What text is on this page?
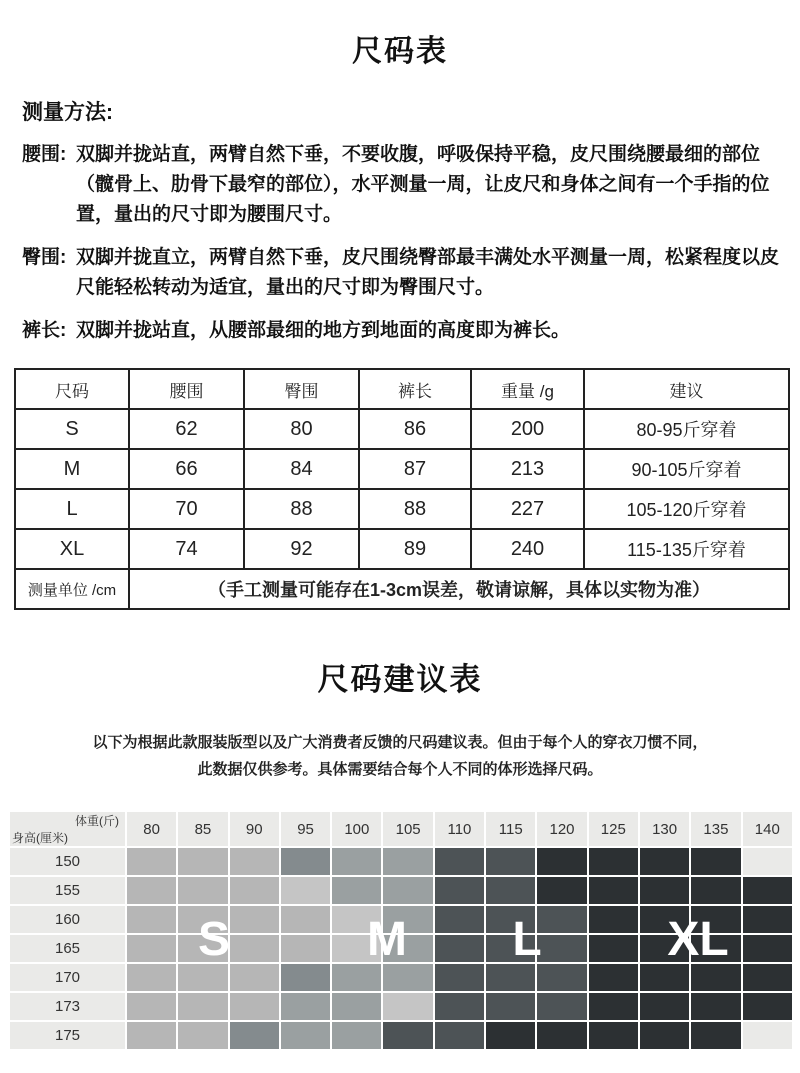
尺码表
测量方法:
腰围: 双脚并拢站直，两臂自然下垂，不要收腹，呼吸保持平稳，皮尺围绕腰最细的部位（髋骨上、肋骨下最窄的部位），水平测量一周，让皮尺和身体之间有一个手指的位置，量出的尺寸即为腰围尺寸。
臀围: 双脚并拢直立，两臂自然下垂，皮尺围绕臀部最丰满处水平测量一周，松紧程度以皮尺能轻松转动为适宜，量出的尺寸即为臀围尺寸。
裤长: 双脚并拢站直，从腰部最细的地方到地面的高度即为裤长。
尺码	腰围	臀围	裤长	重量 /g	建议
S	62	80	86	200	80-95斤穿着
M	66	84	87	213	90-105斤穿着
L	70	88	88	227	105-120斤穿着
XL	74	92	89	240	115-135斤穿着
测量单位 /cm	（手工测量可能存在1-3cm误差，敬请谅解，具体以实物为准）				
尺码建议表

以下为根据此款服装版型以及广大消费者反馈的尺码建议表。但由于每个人的穿衣刀惯不同，

此数据仅供参考。具体需要结合每个人不同的体形选择尺码。

体重(斤)
身高(厘米)	80	85	90	95	100	105	110	115	120	125	130	135	140
150													
155													
160													
165													
170													
173													
175													
S	M L	XL
